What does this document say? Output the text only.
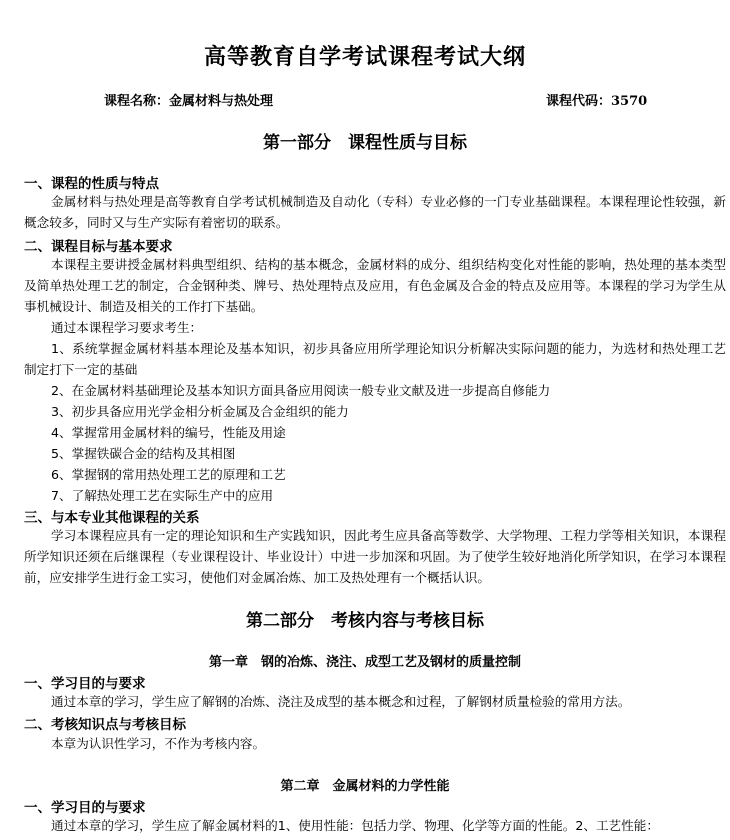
高等教育自学考试课程考试大纲
课程名称：金属材料与热处理	课程代码：3570
第一部分　课程性质与目标
一、课程的性质与特点
金属材料与热处理是高等教育自学考试机械制造及自动化（专科）专业必修的一门专业基础课程。本课程理论性较强，新概念较多，同时又与生产实际有着密切的联系。
二、课程目标与基本要求
本课程主要讲授金属材料典型组织、结构的基本概念，金属材料的成分、组织结构变化对性能的影响，热处理的基本类型及简单热处理工艺的制定，合金钢种类、牌号、热处理特点及应用，有色金属及合金的特点及应用等。本课程的学习为学生从事机械设计、制造及相关的工作打下基础。
通过本课程学习要求考生：
1、系统掌握金属材料基本理论及基本知识，初步具备应用所学理论知识分析解决实际问题的能力，为选材和热处理工艺制定打下一定的基础
2、在金属材料基础理论及基本知识方面具备应用阅读一般专业文献及进一步提高自修能力
3、初步具备应用光学金相分析金属及合金组织的能力
4、掌握常用金属材料的编号，性能及用途
5、掌握铁碳合金的结构及其相图
6、掌握钢的常用热处理工艺的原理和工艺
7、了解热处理工艺在实际生产中的应用
三、与本专业其他课程的关系
学习本课程应具有一定的理论知识和生产实践知识，因此考生应具备高等数学、大学物理、工程力学等相关知识，本课程所学知识还须在后继课程（专业课程设计、毕业设计）中进一步加深和巩固。为了使学生较好地消化所学知识，在学习本课程前，应安排学生进行金工实习，使他们对金属冶炼、加工及热处理有一个概括认识。
第二部分　考核内容与考核目标
第一章　钢的冶炼、浇注、成型工艺及钢材的质量控制
一、学习目的与要求
通过本章的学习，学生应了解钢的冶炼、浇注及成型的基本概念和过程，了解钢材质量检验的常用方法。
二、考核知识点与考核目标
本章为认识性学习，不作为考核内容。
第二章　金属材料的力学性能
一、学习目的与要求
通过本章的学习，学生应了解金属材料的1、使用性能：包括力学、物理、化学等方面的性能。2、工艺性能：
